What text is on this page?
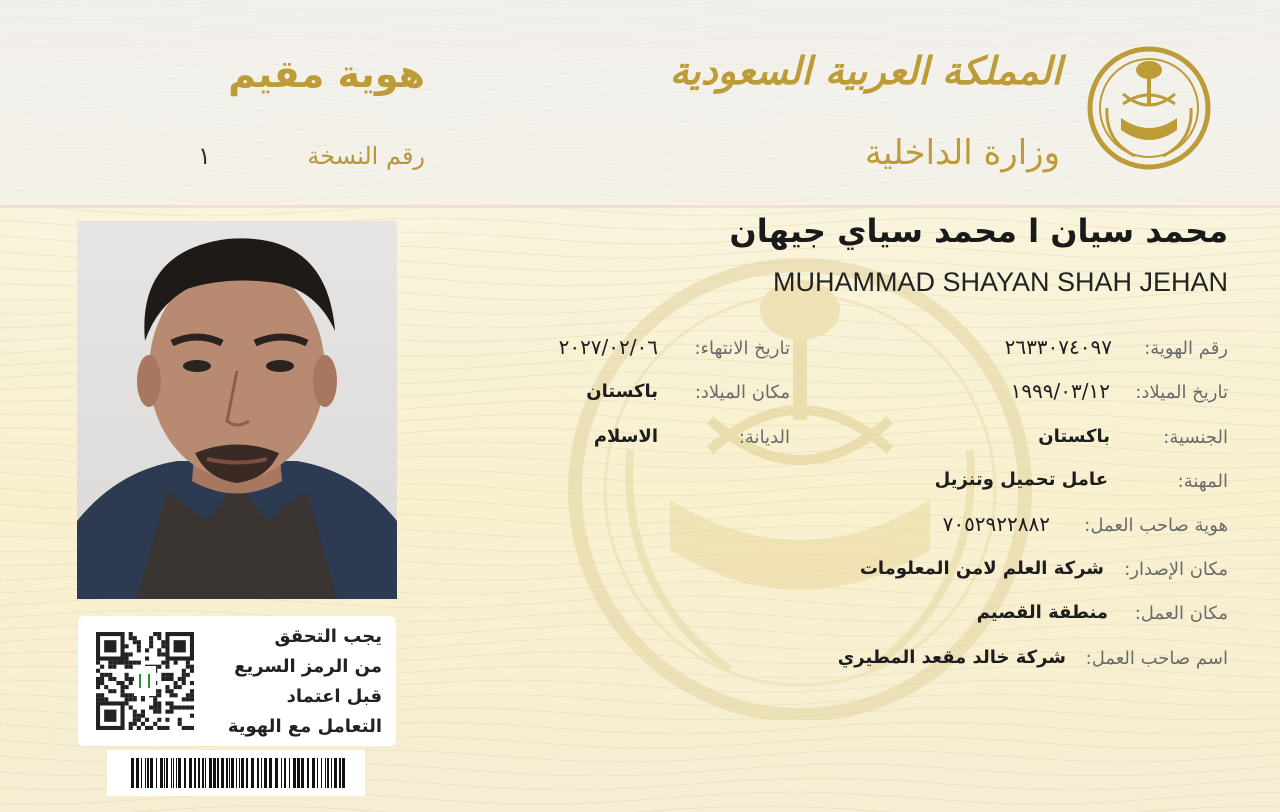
هوية مقيم
رقم النسخة
١
المملكة العربية السعودية
وزارة الداخلية
يجب التحقق
من الرمز السريع
قبل اعتماد
التعامل مع الهوية
محمد سيان ا محمد سياي جيهان
MUHAMMAD SHAYAN SHAH JEHAN
رقم الهوية:
٢٦٣٣٠٧٤٠٩٧
تاريخ الميلاد:
١٩٩٩/٠٣/١٢
الجنسية:
باكستان
المهنة:
عامل تحميل وتنزيل
هوية صاحب العمل:
٧٠٥٢٩٢٢٨٨٢
مكان الإصدار:
شركة العلم لامن المعلومات
مكان العمل:
منطقة القصيم
اسم صاحب العمل:
شركة خالد مقعد المطيري
تاريخ الانتهاء:
٢٠٢٧/٠٢/٠٦
مكان الميلاد:
باكستان
الديانة:
الاسلام
